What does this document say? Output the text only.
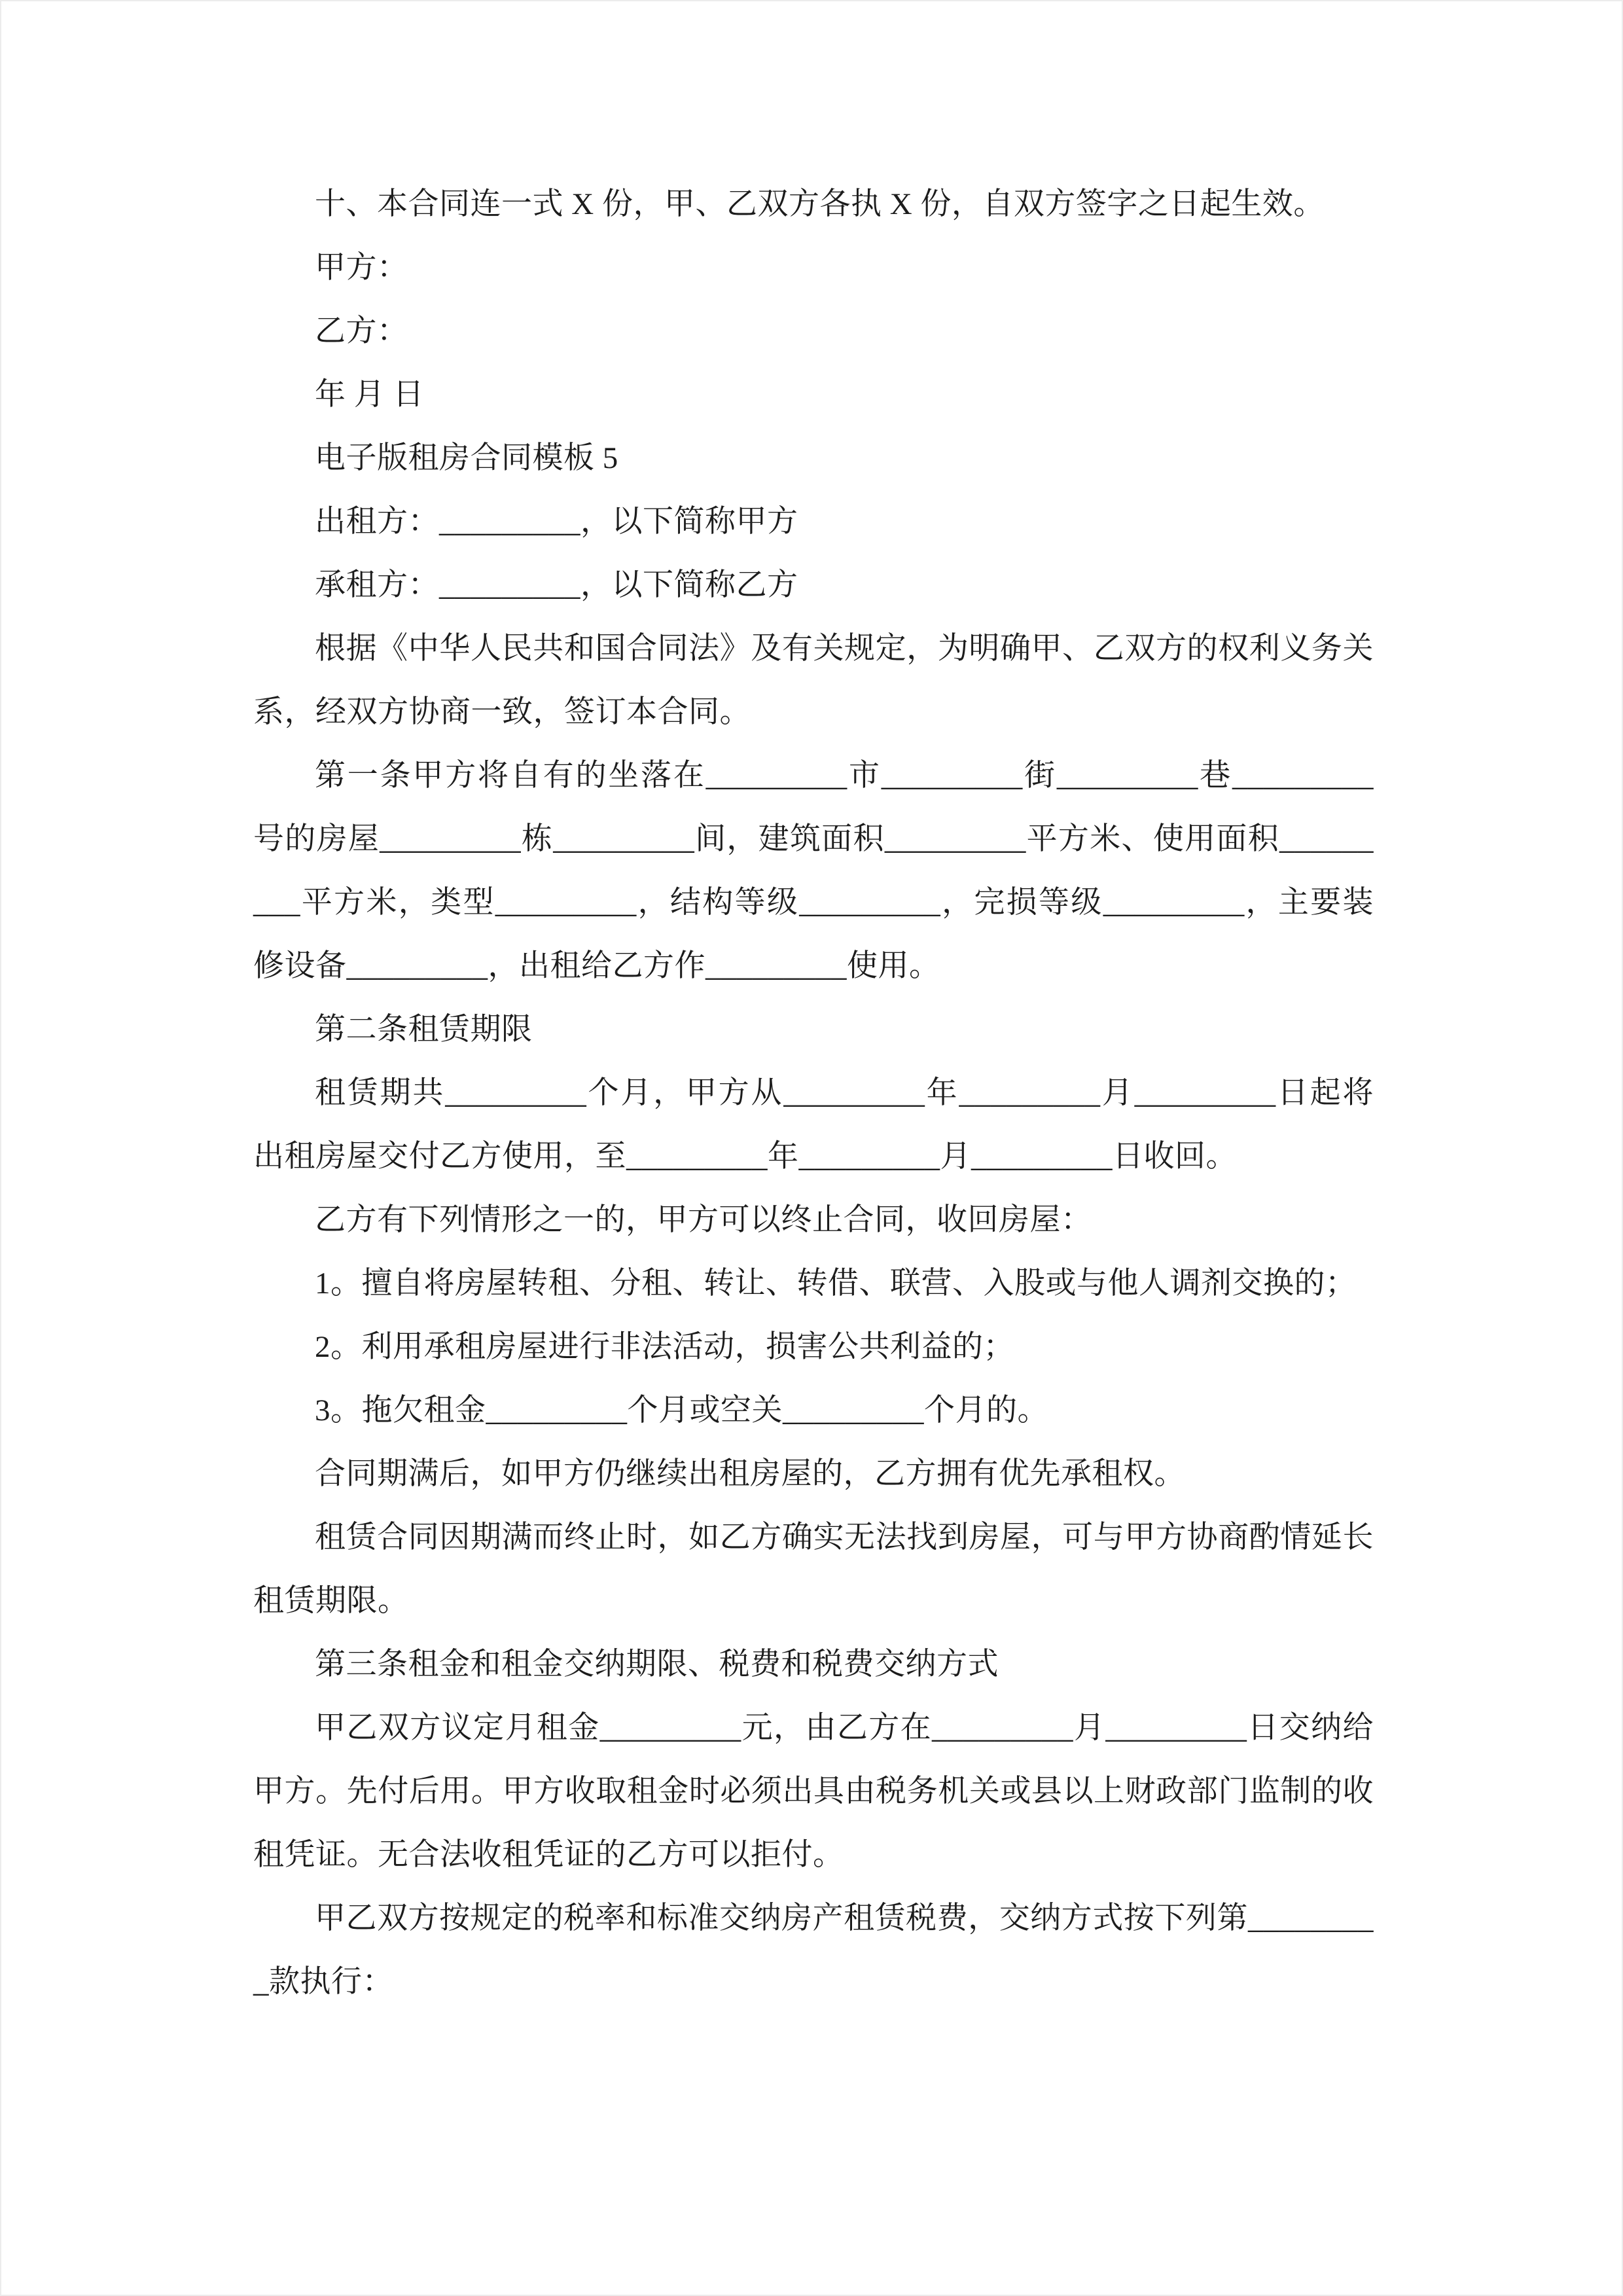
十、本合同连一式 X 份，甲、乙双方各执 X 份，自双方签字之日起生效。

甲方：

乙方：

年 月 日

电子版租房合同模板 5

出租方：_________，以下简称甲方

承租方：_________，以下简称乙方

根据《中华人民共和国合同法》及有关规定，为明确甲、乙双方的权利义务关系，经双方协商一致，签订本合同。

第一条甲方将自有的坐落在_________市_________街_________巷_________号的房屋_________栋_________间，建筑面积_________平方米、使用面积_________平方米，类型_________，结构等级_________，完损等级_________，主要装修设备_________，出租给乙方作_________使用。

第二条租赁期限

租赁期共_________个月，甲方从_________年_________月_________日起将出租房屋交付乙方使用，至_________年_________月_________日收回。

乙方有下列情形之一的，甲方可以终止合同，收回房屋：

1。擅自将房屋转租、分租、转让、转借、联营、入股或与他人调剂交换的；

2。利用承租房屋进行非法活动，损害公共利益的；

3。拖欠租金_________个月或空关_________个月的。

合同期满后，如甲方仍继续出租房屋的，乙方拥有优先承租权。

租赁合同因期满而终止时，如乙方确实无法找到房屋，可与甲方协商酌情延长租赁期限。

第三条租金和租金交纳期限、税费和税费交纳方式

甲乙双方议定月租金_________元，由乙方在_________月_________日交纳给甲方。先付后用。甲方收取租金时必须出具由税务机关或县以上财政部门监制的收租凭证。无合法收租凭证的乙方可以拒付。

甲乙双方按规定的税率和标准交纳房产租赁税费，交纳方式按下列第_________款执行：
